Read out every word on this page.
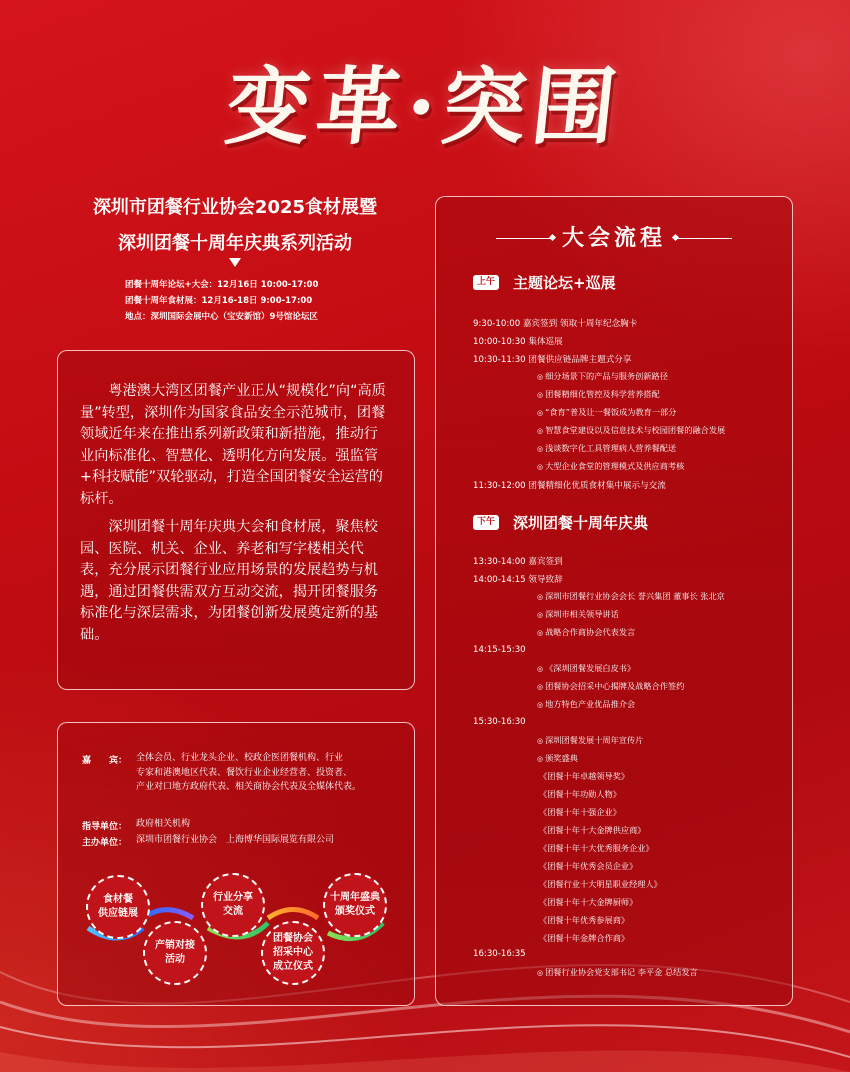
变革·突围
深圳市团餐行业协会2025食材展暨
深圳团餐十周年庆典系列活动
团餐十周年论坛+大会：12月16日 10:00-17:00
团餐十周年食材展：12月16-18日 9:00-17:00
地点：深圳国际会展中心（宝安新馆）9号馆论坛区

粤港澳大湾区团餐产业正从“规模化”向“高质量”转型，深圳作为国家食品安全示范城市，团餐领域近年来在推出系列新政策和新措施，推动行业向标准化、智慧化、透明化方向发展。强监管+科技赋能”双轮驱动，打造全国团餐安全运营的标杆。

深圳团餐十周年庆典大会和食材展，聚焦校园、医院、机关、企业、养老和写字楼相关代表，充分展示团餐行业应用场景的发展趋势与机遇，通过团餐供需双方互动交流，揭开团餐服务标准化与深层需求，为团餐创新发展奠定新的基础。

嘉　　宾： 全体会员、行业龙头企业、校政企医团餐机构、行业
专家和港澳地区代表、餐饮行业企业经营者、投资者、
产业对口地方政府代表、相关商协会代表及全媒体代表。
指导单位： 政府相关机构
主办单位： 深圳市团餐行业协会　上海博华国际展览有限公司
食材餐
供应链展
产销对接
活动
行业分享
交流
团餐协会
招采中心
成立仪式
十周年盛典
颁奖仪式
大会流程
上午 主题论坛+巡展
9:30-10:00 嘉宾签到 领取十周年纪念胸卡
10:00-10:30 集体巡展
10:30-11:30 团餐供应链品牌主题式分享
◎ 细分场景下的产品与服务创新路径
◎ 团餐精细化管控及科学营养搭配
◎ “食育”普及让一餐饭成为教育一部分
◎ 智慧食堂建设以及信息技术与校园团餐的融合发展
◎ 浅谈数字化工具管理病人营养餐配送
◎ 大型企业食堂的管理模式及供应商考核
11:30-12:00 团餐精细化优质食材集中展示与交流
下午 深圳团餐十周年庆典
13:30-14:00 嘉宾签到
14:00-14:15 领导致辞
◎ 深圳市团餐行业协会会长 誉兴集团 董事长 张北京
◎ 深圳市相关领导讲话
◎ 战略合作商协会代表发言
14:15-15:30
◎ 《深圳团餐发展白皮书》
◎ 团餐协会招采中心揭牌及战略合作签约
◎ 地方特色产业优品推介会
15:30-16:30
◎ 深圳团餐发展十周年宣传片
◎ 颁奖盛典
《团餐十年卓越领导奖》
《团餐十年功勋人物》
《团餐十年十强企业》
《团餐十年十大金牌供应商》
《团餐十年十大优秀服务企业》
《团餐十年优秀会员企业》
《团餐行业十大明星职业经理人》
《团餐十年十大金牌厨师》
《团餐十年优秀参展商》
《团餐十年金牌合作商》
16:30-16:35
◎ 团餐行业协会党支部书记 李平金 总结发言
